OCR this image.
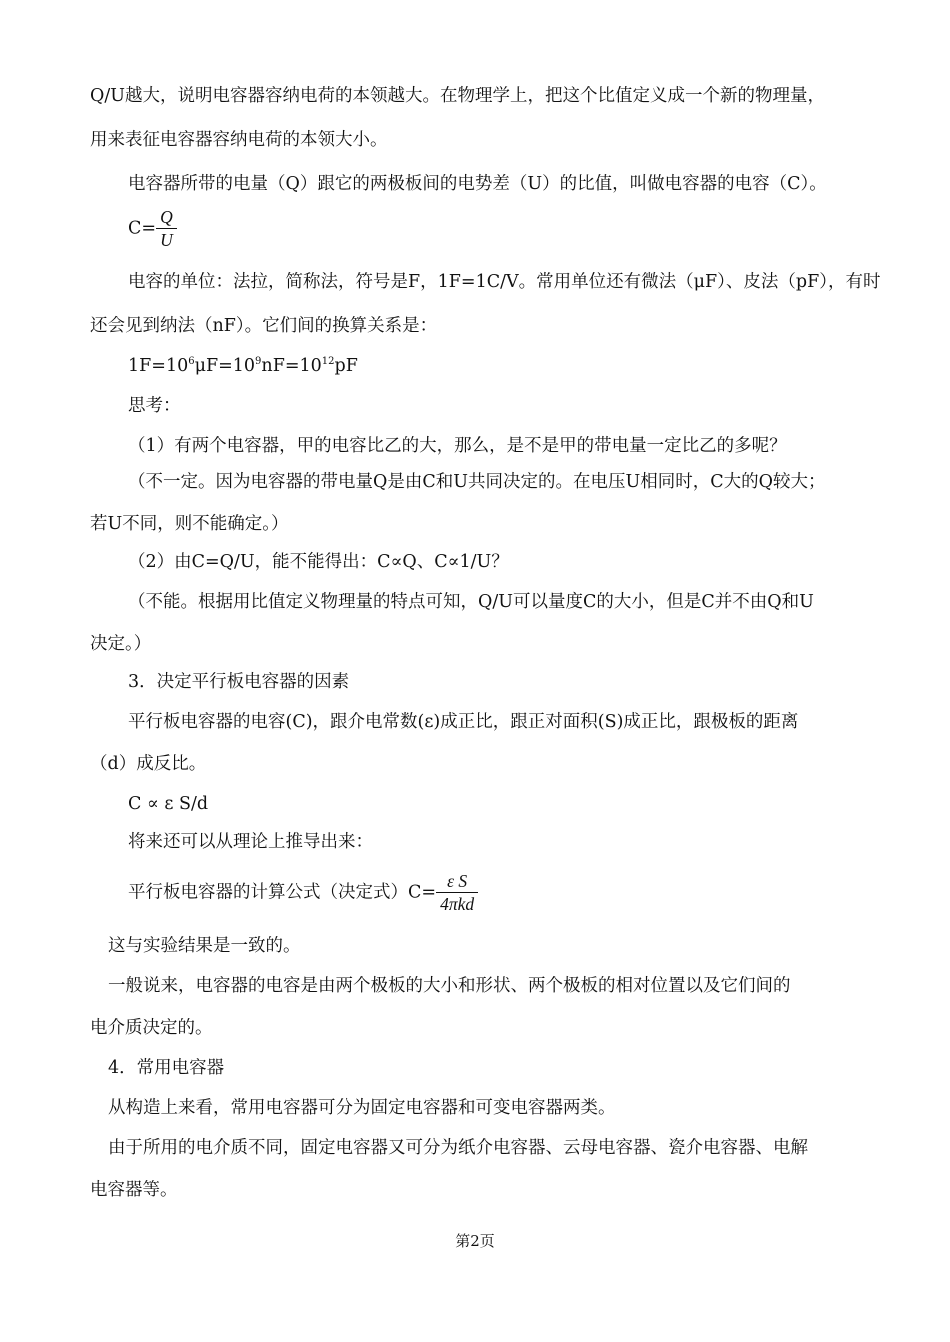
Q/U越大，说明电容器容纳电荷的本领越大。在物理学上，把这个比值定义成一个新的物理量，
用来表征电容器容纳电荷的本领大小。
电容器所带的电量（Q）跟它的两极板间的电势差（U）的比值，叫做电容器的电容（C）。
$C= \frac{Q}{U}$
电容的单位：法拉，简称法，符号是F，1F=1C/V。常用单位还有微法（μF）、皮法（pF），有时
还会见到纳法（nF）。它们间的换算关系是：
$1F=10^6\mu F=10^9nF=10^{12}pF$
思考：
（1）有两个电容器，甲的电容比乙的大，那么，是不是甲的带电量一定比乙的多呢？
（不一定。因为电容器的带电量Q是由C和U共同决定的。在电压U相同时，C大的Q较大；
若U不同，则不能确定。）
（2）由C=Q/U，能不能得出：C∝Q、C∝1/U？
（不能。根据用比值定义物理量的特点可知，Q/U可以量度C的大小，但是C并不由Q和U
决定。）
3．决定平行板电容器的因素
平行板电容器的电容(C)，跟介电常数(ε)成正比，跟正对面积(S)成正比，跟极板的距离
（d）成反比。
C ∝ ε S/d
将来还可以从理论上推导出来：
平行板电容器的计算公式（决定式）$C= \frac{\text{ε S}}{\text{4πkd}}$
这与实验结果是一致的。
一般说来，电容器的电容是由两个极板的大小和形状、两个极板的相对位置以及它们间的
电介质决定的。
4．常用电容器
从构造上来看，常用电容器可分为固定电容器和可变电容器两类。
由于所用的电介质不同，固定电容器又可分为纸介电容器、云母电容器、瓷介电容器、电解
电容器等。
第2页
